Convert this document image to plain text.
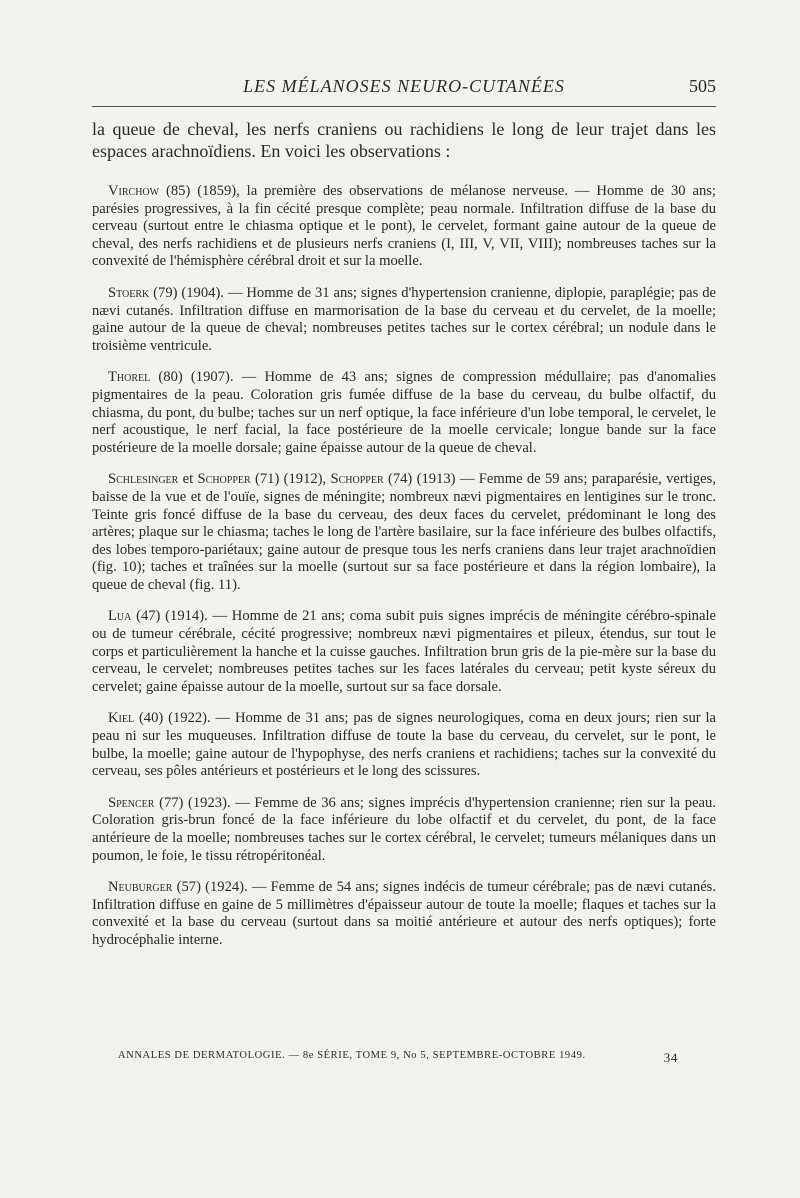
LES MÉLANOSES NEURO-CUTANÉES	505
la queue de cheval, les nerfs craniens ou rachidiens le long de leur trajet dans les espaces arachnoïdiens. En voici les observations :

Virchow (85) (1859), la première des observations de mélanose nerveuse. — Homme de 30 ans; parésies progressives, à la fin cécité presque complète; peau normale. Infiltration diffuse de la base du cerveau (surtout entre le chiasma optique et le pont), le cervelet, formant gaine autour de la queue de cheval, des nerfs rachidiens et de plusieurs nerfs craniens (I, III, V, VII, VIII); nombreuses taches sur la convexité de l'hémisphère cérébral droit et sur la moelle.

Stoerk (79) (1904). — Homme de 31 ans; signes d'hypertension cranienne, diplopie, paraplégie; pas de nævi cutanés. Infiltration diffuse en marmorisation de la base du cerveau et du cervelet, de la moelle; gaine autour de la queue de cheval; nombreuses petites taches sur le cortex cérébral; un nodule dans le troisième ventricule.

Thorel (80) (1907). — Homme de 43 ans; signes de compression médullaire; pas d'anomalies pigmentaires de la peau. Coloration gris fumée diffuse de la base du cerveau, du bulbe olfactif, du chiasma, du pont, du bulbe; taches sur un nerf optique, la face inférieure d'un lobe temporal, le cervelet, le nerf acoustique, le nerf facial, la face postérieure de la moelle cervicale; longue bande sur la face postérieure de la moelle dorsale; gaine épaisse autour de la queue de cheval.

Schlesinger et Schopper (71) (1912), Schopper (74) (1913) — Femme de 59 ans; paraparésie, vertiges, baisse de la vue et de l'ouïe, signes de méningite; nombreux nævi pigmentaires en lentigines sur le tronc. Teinte gris foncé diffuse de la base du cerveau, des deux faces du cervelet, prédominant le long des artères; plaque sur le chiasma; taches le long de l'artère basilaire, sur la face inférieure des bulbes olfactifs, des lobes temporo-pariétaux; gaine autour de presque tous les nerfs craniens dans leur trajet arachnoïdien (fig. 10); taches et traînées sur la moelle (surtout sur sa face postérieure et dans la région lombaire), la queue de cheval (fig. 11).

Lua (47) (1914). — Homme de 21 ans; coma subit puis signes imprécis de méningite cérébro-spinale ou de tumeur cérébrale, cécité progressive; nombreux nævi pigmentaires et pileux, étendus, sur tout le corps et particulièrement la hanche et la cuisse gauches. Infiltration brun gris de la pie-mère sur la base du cerveau, le cervelet; nombreuses petites taches sur les faces latérales du cerveau; petit kyste séreux du cervelet; gaine épaisse autour de la moelle, surtout sur sa face dorsale.

Kiel (40) (1922). — Homme de 31 ans; pas de signes neurologiques, coma en deux jours; rien sur la peau ni sur les muqueuses. Infiltration diffuse de toute la base du cerveau, du cervelet, sur le pont, le bulbe, la moelle; gaine autour de l'hypophyse, des nerfs craniens et rachidiens; taches sur la convexité du cerveau, ses pôles antérieurs et postérieurs et le long des scissures.

Spencer (77) (1923). — Femme de 36 ans; signes imprécis d'hypertension cranienne; rien sur la peau. Coloration gris-brun foncé de la face inférieure du lobe olfactif et du cervelet, du pont, de la face antérieure de la moelle; nombreuses taches sur le cortex cérébral, le cervelet; tumeurs mélaniques dans un poumon, le foie, le tissu rétropéritonéal.

Neuburger (57) (1924). — Femme de 54 ans; signes indécis de tumeur cérébrale; pas de nævi cutanés. Infiltration diffuse en gaine de 5 millimètres d'épaisseur autour de toute la moelle; flaques et taches sur la convexité et la base du cerveau (surtout dans sa moitié antérieure et autour des nerfs optiques); forte hydrocéphalie interne.

ANNALES DE DERMATOLOGIE. — 8e SÉRIE, TOME 9, No 5, SEPTEMBRE-OCTOBRE 1949.	34
